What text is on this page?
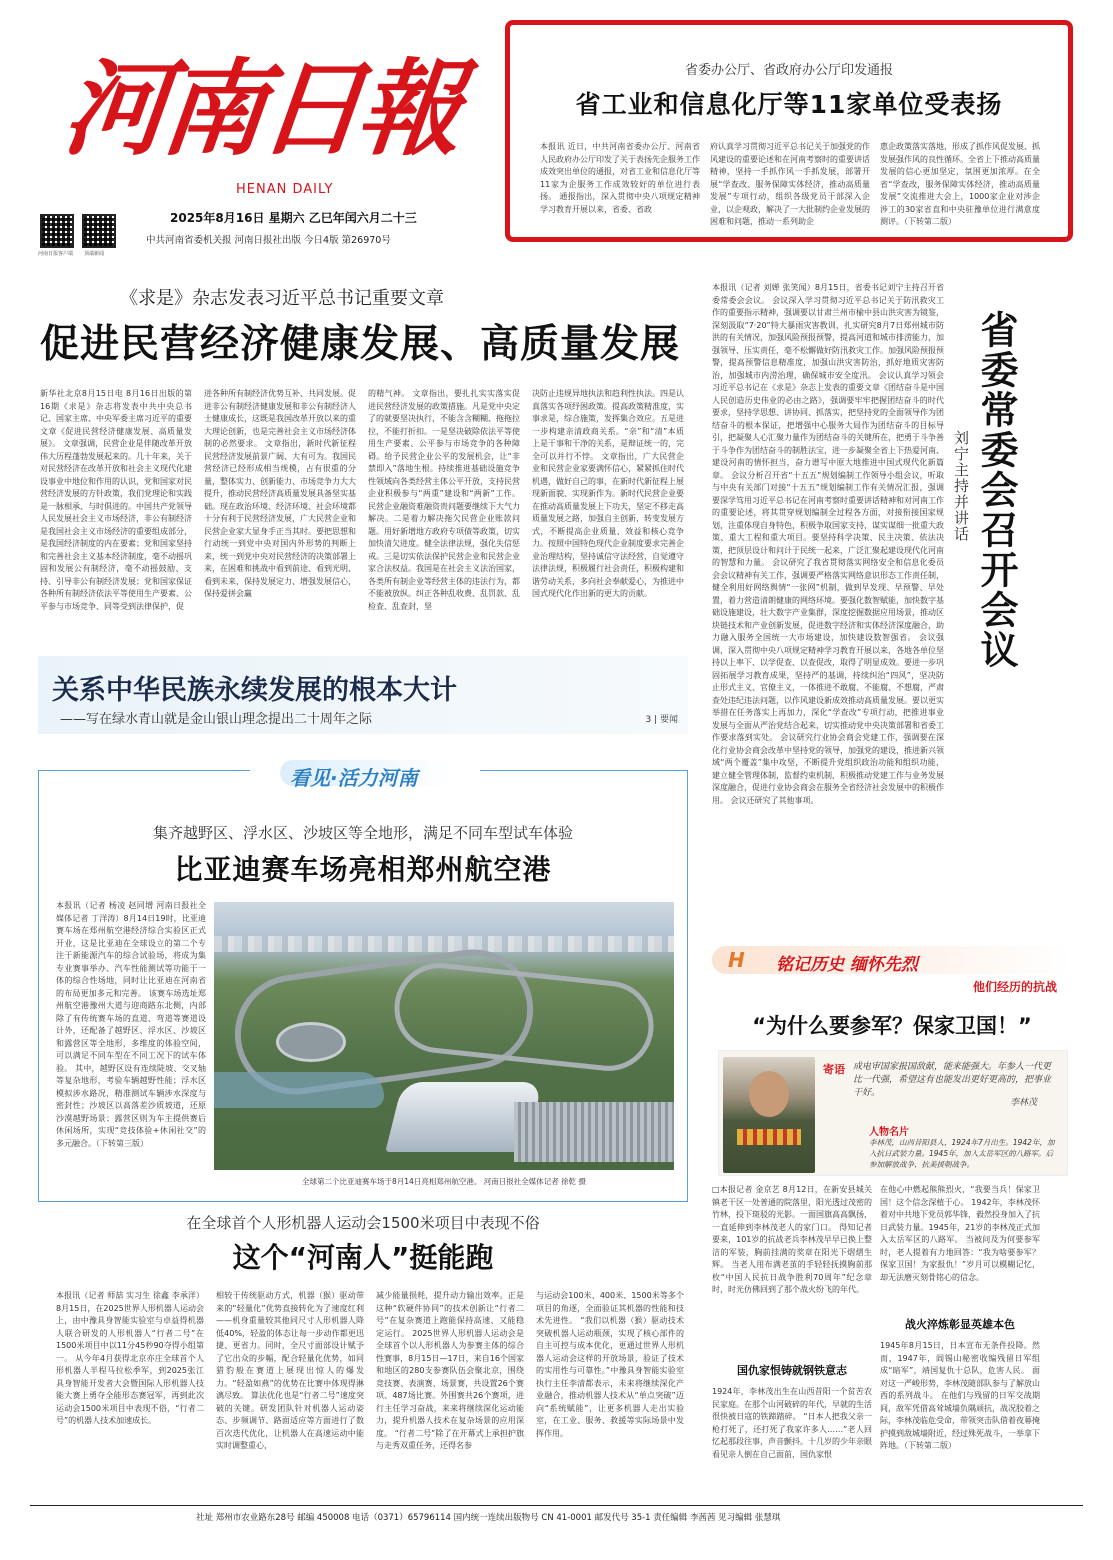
河南日報
HENAN DAILY
2025年8月16日 星期六 乙巳年闰六月二十三
中共河南省委机关报 河南日报社出版 今日4版 第26970号
河南日报客户端 顶端新闻
省委办公厅、省政府办公厅印发通报
省工业和信息化厅等11家单位受表扬
本报讯 近日，中共河南省委办公厅、河南省人民政府办公厅印发了关于表扬先企服务工作成效突出单位的通报，对省工业和信息化厅等11家为企服务工作成效较好的单位进行表扬。 通报指出，深入贯彻中央八项规定精神学习教育开展以来，省委、省政
府认真学习贯彻习近平总书记关于加强党的作风建设的重要论述和在河南考察时的重要讲话精神，坚持一手抓作风一手抓发展，部署开展“学查改、服务保障实体经济，推动高质量发展”专项行动，组织各级党员干部深入企业，以企观政，解决了一大批制约企业发展的困难和问题，推动一系列助企
惠企政策落实落地，形成了抓作风促发展、抓发展强作风的良性循环。全省上下推动高质量发展的信心更加坚定，氛围更加浓厚。在全省“学查改，服务保障实体经济，推动高质量发展”交流推进大会上，1000家企业对涉企涉工的30家省直和中央驻豫单位进行满意度测评。（下转第二版）
《求是》杂志发表习近平总书记重要文章
促进民营经济健康发展、高质量发展
新华社北京8月15日电 8月16日出版的第16期《求是》杂志将发表中共中央总书记、国家主席、中央军委主席习近平的重要文章《促进民营经济健康发展、高质量发展》。 文章强调，民营企业是伴随改革开放伟大历程蓬勃发展起来的。几十年来，关于对民营经济在改革开放和社会主义现代化建设事业中地位和作用的认识，党和国家对民营经济发展的方针政策，我们党理论和实践是一脉相承、与时俱进的。中国共产党领导人民发展社会主义市场经济，非公有制经济是我国社会主义市场经济的重要组成部分，是我国经济制度的内在要素；党和国家坚持和完善社会主义基本经济制度，毫不动摇巩固和发展公有制经济，毫不动摇鼓励、支持、引导非公有制经济发展；党和国家保证各种所有制经济依法平等使用生产要素、公平参与市场竞争、同等受到法律保护，促
进各种所有制经济优势互补、共同发展。促进非公有制经济健康发展和非公有制经济人士健康成长，这既是我国改革开放以来的重大理论创新，也是完善社会主义市场经济体制的必然要求。 文章指出，新时代新征程民营经济发展前景广阔、大有可为。我国民营经济已经形成相当规模，占有很重的分量，整体实力、创新能力、市场竞争力大大提升，推动民营经济高质量发展具备坚实基础。现在政治环境、经济环境、社会环境都十分有利于民营经济发展，广大民营企业和民营企业家大显身手正当其时。要把思想和行动统一到党中央对国内外形势的判断上来，统一到党中央对民营经济的决策部署上来，在困难和挑战中看到前途、看到光明、看到未来，保持发展定力、增强发展信心，保持爱拼会赢
的精气神。 文章指出，要扎扎实实落实促进民营经济发展的政策措施。凡是党中央定了的就要坚决执行，不能含含糊糊、拖拖拉拉，不能打折扣。一是坚决破除依法平等使用生产要素、公平参与市场竞争的各种障碍。给予民营企业公平的发展机会，让“非禁即入”落地生根。持续推进基础设施竞争性领域向各类经营主体公平开放，支持民营企业积极参与“两重”建设和“两新”工作。民营企业融资难融资贵问题要继续下大气力解决。二是着力解决拖欠民营企业账款问题。用好新增地方政府专项债等政策，切实加快清欠进度。健全法律法规，强化失信惩戒。三是切实依法保护民营企业和民营企业家合法权益。我国是在社会主义法治国家，各类所有制企业等经营主体的违法行为，都不能被放纵。纠正各种乱收费、乱罚款、乱检查、乱查封，坚
决防止违规异地执法和趋利性执法。四是认真落实各项纾困政策。提高政策精准度，实事求是，综合施策，发挥集合效应。五是进一步构建亲清政商关系。“亲”和“清”本质上是干事和干净的关系，是辩证统一的，完全可以并行不悖。 文章指出，广大民营企业和民营企业家要满怀信心，紧紧抓住时代机遇，做好自己的事，在新时代新征程上展现新面貌、实现新作为。新时代民营企业要在推动高质量发展上下功夫，坚定不移走高质量发展之路，加强自主创新，转变发展方式，不断提高企业质量、效益和核心竞争力。按照中国特色现代企业制度要求完善企业治理结构，坚持诚信守法经营，自觉遵守法律法规，积极履行社会责任，积极构建和谐劳动关系，多向社会奉献爱心，为推进中国式现代化作出新的更大的贡献。
关系中华民族永续发展的根本大计
——写在绿水青山就是金山银山理念提出二十周年之际	3 | 要闻
看见·活力河南
集齐越野区、浮水区、沙坡区等全地形，满足不同车型试车体验
比亚迪赛车场亮相郑州航空港
本报讯（记者 杨凌 赵同增 河南日报社全媒体记者 丁洋涛）8月14日19时，比亚迪赛车场在郑州航空港经济综合实验区正式开业，这是比亚迪在全球设立的第二个专注于新能源汽车的综合试验场，将成为集专业赛事举办、汽车性能测试等功能于一体的综合性场地，同时让比亚迪在河南省的布局更加多元和完善。 该赛车场选址郑州航空港豫州大道与迎商路东北侧，内部除了有传统赛车场的直道、弯道等赛道设计外，还配备了越野区、浮水区、沙坡区和露营区等全地形，多维度的体验空间，可以满足不同车型在不同工况下的试车体验。 其中，越野区设有连续陡坡、交叉轴等复杂地形，考验车辆越野性能；浮水区模拟涉水路况，精准测试车辆涉水深度与密封性；沙坡区以高落差沙质坡道，还原沙漠越野场景；露营区则为车主提供赛后休闲场所，实现“竞技体验+休闲社交”的多元融合。（下转第三版）
全球第二个比亚迪赛车场于8月14日亮相郑州航空港。 河南日报社全媒体记者 徐乾 摄
在全球首个人形机器人运动会1500米项目中表现不俗
这个“河南人”挺能跑
本报讯（记者 师喆 实习生 徐鑫 李承洋）8月15日，在2025世界人形机器人运动会上，由中豫具身智能实验室与卓益得机器人联合研发的人形机器人“行者二号”在1500米项目中以11分45秒90夺得小组第一。 从今年4月获得北京亦庄全球首个人形机器人半程马拉松季军，到2025张江具身智能开发者大会暨国际人形机器人技能大赛上勇夺全能形态赛冠军，再到此次运动会1500米项目中表现不俗，“行者二号”的机器人技术加速成长。
相较于传统驱动方式，机器（猴）驱动带来的“轻量化”优势直接转化为了速度红利——机身重量较其他同尺寸人形机器人降低40%，轻盈的体态让每一步动作都更迅捷、更省力。同时，全尺寸面部设计赋予了它出众的步幅，配合轻量化优势，如同猎豹般在赛道上展现出惊人的爆发力。“轻盈如燕”的优势在比赛中体现得淋漓尽致。 算法优化也是“行者二号”速度突破的关键。研发团队针对机器人运动姿态、步频调节、路面适应等方面进行了数百次迭代优化，让机器人在高速运动中能实时调整重心，
减少能量损耗，提升动力输出效率。正是这种“软硬件协同”的技术创新让“行者二号”在复杂赛道上跑能保持高速、又能稳定运行。 2025世界人形机器人运动会是全球首个以人形机器人为参赛主体的综合性赛事，8月15日—17日，来自16个国家和地区的280支参赛队伍会聚北京，围绕竞技赛、表演赛、场景赛，共设置26个赛项、487场比赛。外围赛共26个赛项，进行主任学习奋战，来来将继续深化运动能力，提升机器人技术在复杂场景的应用深度。 “行者二号”除了在开幕式上承担护旗与走秀双重任务，还得名参
与运动会100米、400米、1500米等多个项目的角逐，全面验证其机器的性能和技术先进性。 “我们以机器（猴）驱动技术突破机器人运动瓶颈，实现了核心部件的自主可控与成本优化，更通过世界人形机器人运动会这样的开放场景，验证了技术的实用性与可靠性。”中豫具身智能实验室执行主任李清都表示，未来将继续深化产业融合，推动机器人技术从“单点突破”迈向“系统赋能”，让更多机器人走出实验室，在工业、服务、救援等实际场景中发挥作用。
本报讯（记者 刘婵 张笑闻）8月15日，省委书记刘宁主持召开省委常委会会议。 会议深入学习贯彻习近平总书记关于防汛救灾工作的重要指示精神，强调要以甘肃兰州市榆中县山洪灾害为镜鉴，深刻汲取“7·20”特大暴雨灾害教训，扎实研究8月7日郑州城市防洪的有关情况，加强风险预报预警，提高河道和城市排涝能力，加强领导、压实责任，毫不松懈做好防汛救灾工作。加强风险预报预警，提高预警信息精准度，加强山洪灾害防治，抓好地质灾害防治，加强城市内涝治理，确保城市安全度汛。 会议认真学习领会习近平总书记在《求是》杂志上发表的重要文章《团结奋斗是中国人民创造历史伟业的必由之路》，强调要牢牢把握团结奋斗的时代要求，坚持学思想、讲协同、抓落实，把坚持党的全面领导作为团结奋斗的根本保证，把增强中心服务大局作为团结奋斗的目标导引，把凝聚人心汇聚力量作为团结奋斗的关键所在，把勇于斗争善于斗争作为团结奋斗的制胜法宝，进一步凝聚全省上下热爱河南、建设河南的情怀担当，奋力谱写中原大地推进中国式现代化新篇章。 会议分析召开省“十五五”规划编制工作领导小组会议，听取与中央有关部门对接“十五五”规划编制工作有关情况汇报，强调要深学笃用习近平总书记在河南考察时重要讲话精神和对河南工作的重要论述，将其贯穿规划编制全过程各方面，对接衔接国家规划，注重体现自身特色，积极争取国家支持，谋实谋细一批重大政策、重大工程和重大项目。要坚持科学决策、民主决策、依法决策，把顶层设计和问计于民统一起来，广泛汇聚起建设现代化河南的智慧和力量。 会议研究了我省贯彻落实网络安全和信息化委员会会议精神有关工作，强调要严格落实网络意识形态工作责任制，健全利用好网络舆情“一张网”机制，做到早发现、早预警、早处置，着力营造清朗健康的网络环境。要强化数智赋能，加快数字基础设施建设，壮大数字产业集群，深度挖掘数据应用场景，推动区块链技术和产业创新发展，促进数字经济和实体经济深度融合，助力融入服务全国统一大市场建设，加快建设数智强省。 会议强调，深入贯彻中央八项规定精神学习教育开展以来，各地各单位坚持以上率下、以学促查、以查促改，取得了明显成效。要进一步巩固拓展学习教育成果，坚持严的基调，持续纠治“四风”，坚决防止形式主义、官僚主义，一体推进不敢腐、不能腐、不想腐，严肃查处违纪违法问题，以作风建设新成效推动高质量发展。要以更实举措在任务落实上再加力，深化“学查改”专项行动，把推进事业发展与全面从严治党结合起来，切实推动党中央决策部署和省委工作要求落到实处。 会议研究行业协会商会党建工作，强调要在深化行业协会商会改革中坚持党的领导，加强党的建设，推进新兴领域“两个覆盖”集中攻坚，不断提升党组织政治功能和组织功能，建立健全管理体制，监督约束机制，积极推动党建工作与业务发展深度融合，促进行业协会商会在服务全省经济社会发展中的积极作用。 会议还研究了其他事项。
省委常委会召开会议
刘宁主持并讲话
H 铭记历史 缅怀先烈
他们经历的抗战
“为什么要参军？保家卫国！”
寄语 成电审国家报国敌献，能来能强大。年参人一代更比一代强，希望这有也能发出更好更高的，把事业干好。
李林茂
人物名片
李林茂，山西昔阳县人，1924年7月出生。1942年，加入抗日武装力量。1945年，加入太岳军区的八路军。后参加解放战争、抗美援朝战争。
□本报记者 金京艺 8月12日，在新安县城关镇老干区一处普通的院落里，阳光透过茂密的竹林，投下斑驳的光影。一面国旗高高飘扬，一直延伸到李林茂老人的家门口。 得知记者要来，101岁的抗战老兵李林茂早早已换上整洁的军装，胸前挂满的奖章在阳光下熠熠生辉。 当老人用布满老茧的手轻轻抚摸胸前那枚“中国人民抗日战争胜利70周年”纪念章时，时光仿佛回到了那个战火纷飞的年代。
国仇家恨铸就钢铁意志
1924年，李林茂出生在山西昔阳一个贫苦农民家庭。在那个山河破碎的年代，早就的生活很快被日寇的铁蹄踏碎。 “日本人把我父亲一枪打死了，还打死了我家许多人……”老人回忆起那段往事，声音颤抖。十几岁的少年亲眼看见亲人倒在自己面前，国仇家恨
在他心中燃起熊熊烈火，“我要当兵！保家卫国！这个信念深植于心。 1942年，李林茂怀着对中共地下党员郭华锋，毅然投身加入了抗日武装力量。1945年，21岁的李林茂正式加入太岳军区的八路军。 当被问及为何要参军时，老人提着有力地回答：“我为啥要参军？保家卫国！为家报仇！”岁月可以模糊记忆，却无法磨灭刻骨铭心的信念。
战火淬炼彰显英雄本色
1945年8月15日，日本宣布无条件投降。然而，1947年，阎锡山秘密收编残留日军组成“暗军”，靖国复仇十总队，危害人民。 面对这一严峻形势，李林茂随部队参与了解放山西的系列战斗。 在他们与残留的日军交战期间，敌军凭借高耸城墙负隅顽抗，战况胶着之际，李林茂临危受命，带领突击队借着夜幕掩护摸到敌城墙附近，经过殊死战斗，一举拿下阵地。（下转第二版）
社址 郑州市农业路东28号 邮编 450008 电话（0371）65796114 国内统一连续出版物号 CN 41-0001 邮发代号 35-1 责任编辑 李茜茜 见习编辑 张慧琪
